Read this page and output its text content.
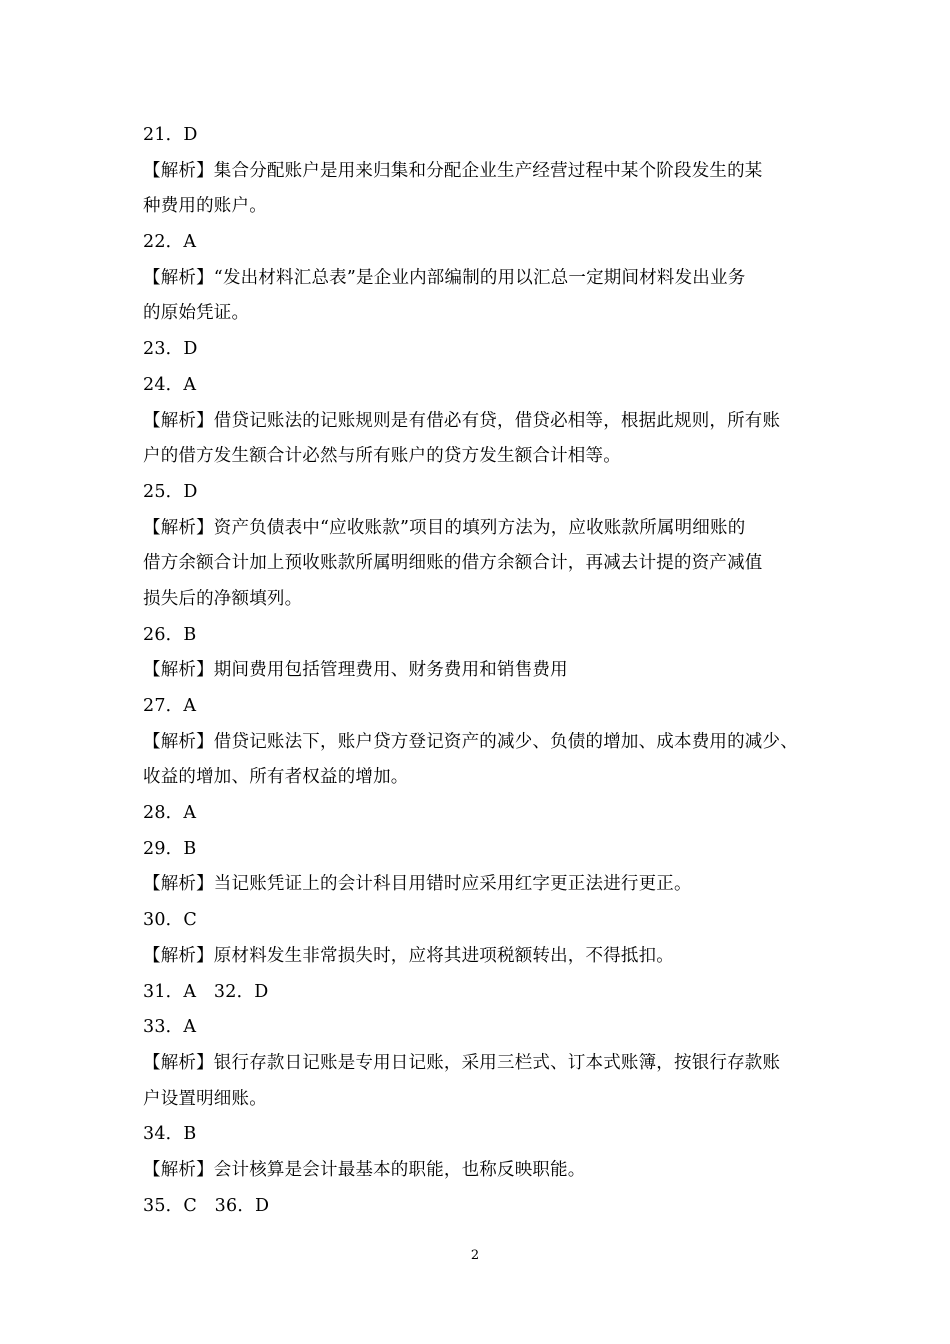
21．D
【解析】集合分配账户是用来归集和分配企业生产经营过程中某个阶段发生的某
种费用的账户。
22．A
【解析】“发出材料汇总表”是企业内部编制的用以汇总一定期间材料发出业务
的原始凭证。
23．D
24．A
【解析】借贷记账法的记账规则是有借必有贷，借贷必相等，根据此规则，所有账
户的借方发生额合计必然与所有账户的贷方发生额合计相等。
25．D
【解析】资产负债表中“应收账款”项目的填列方法为，应收账款所属明细账的
借方余额合计加上预收账款所属明细账的借方余额合计，再减去计提的资产减值
损失后的净额填列。
26．B
【解析】期间费用包括管理费用、财务费用和销售费用
27．A
【解析】借贷记账法下，账户贷方登记资产的减少、负债的增加、成本费用的减少、
收益的增加、所有者权益的增加。
28．A
29．B
【解析】当记账凭证上的会计科目用错时应采用红字更正法进行更正。
30．C
【解析】原材料发生非常损失时，应将其进项税额转出，不得抵扣。
31．A　32．D
33．A
【解析】银行存款日记账是专用日记账，采用三栏式、订本式账簿，按银行存款账
户设置明细账。
34．B
【解析】会计核算是会计最基本的职能，也称反映职能。
35．C　36．D
2
